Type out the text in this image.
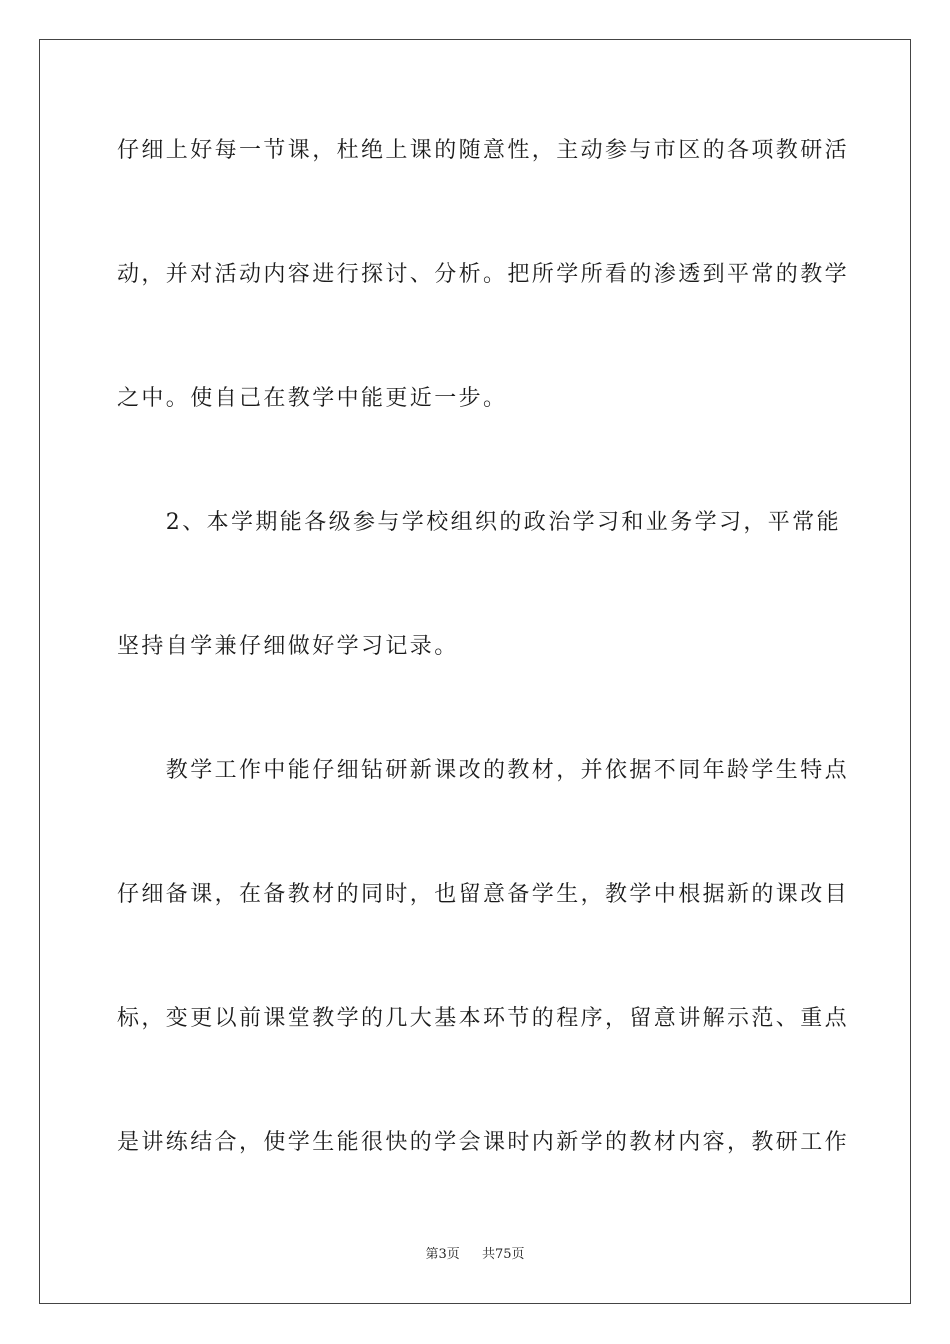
仔细上好每一节课，杜绝上课的随意性，主动参与市区的各项教研活
动，并对活动内容进行探讨、分析。把所学所看的渗透到平常的教学
之中。使自己在教学中能更近一步。
　　2、本学期能各级参与学校组织的政治学习和业务学习，平常能
坚持自学兼仔细做好学习记录。
　　教学工作中能仔细钻研新课改的教材，并依据不同年龄学生特点
仔细备课，在备教材的同时，也留意备学生，教学中根据新的课改目
标，变更以前课堂教学的几大基本环节的程序，留意讲解示范、重点
是讲练结合，使学生能很快的学会课时内新学的教材内容，教研工作
第3页 共75页
